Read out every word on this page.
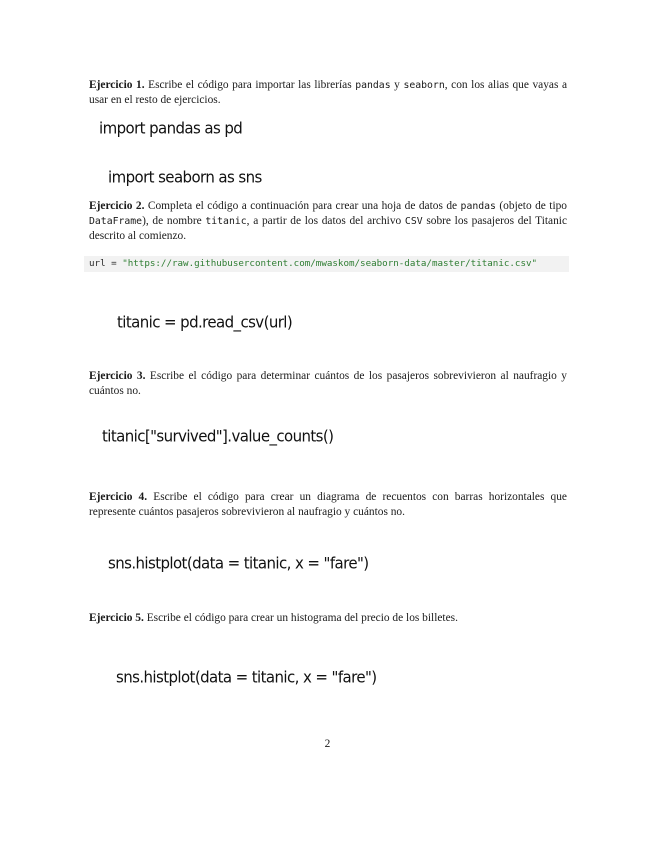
Ejercicio 1. Escribe el código para importar las librerías pandas y seaborn, con los alias que vayas a usar en el resto de ejercicios.
import pandas as pd
import seaborn as sns
Ejercicio 2. Completa el código a continuación para crear una hoja de datos de pandas (objeto de tipo DataFrame), de nombre titanic, a partir de los datos del archivo CSV sobre los pasajeros del Titanic descrito al comienzo.
url = "https://raw.githubusercontent.com/mwaskom/seaborn-data/master/titanic.csv"
titanic = pd.read_csv(url)
Ejercicio 3. Escribe el código para determinar cuántos de los pasajeros sobrevivieron al naufragio y cuántos no.
titanic["survived"].value_counts()
Ejercicio 4. Escribe el código para crear un diagrama de recuentos con barras horizontales que represente cuántos pasajeros sobrevivieron al naufragio y cuántos no.
sns.histplot(data = titanic, x = "fare")
Ejercicio 5. Escribe el código para crear un histograma del precio de los billetes.
sns.histplot(data = titanic, x = "fare")
2
